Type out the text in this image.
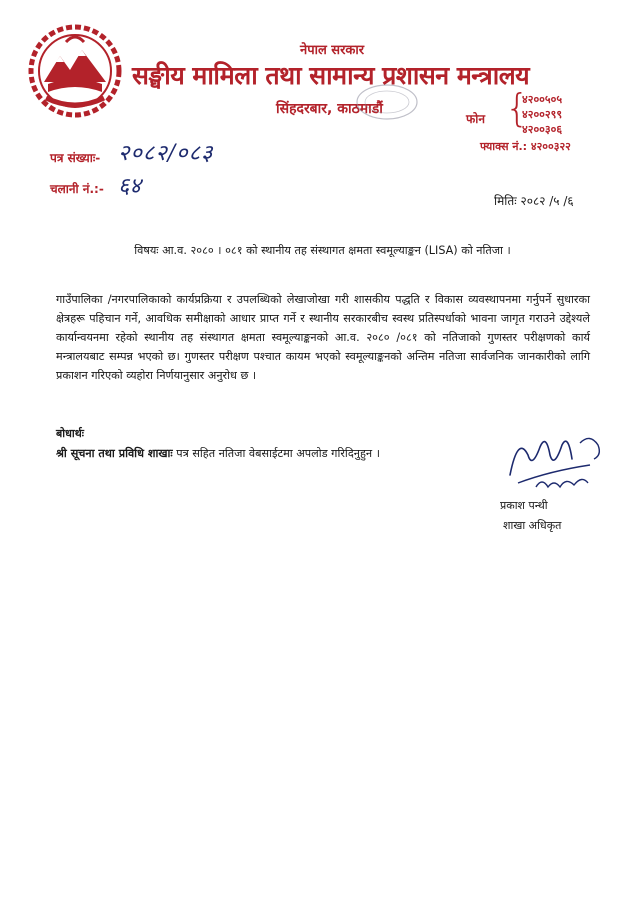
नेपाल सरकार
सङ्घीय मामिला तथा सामान्य प्रशासन मन्त्रालय
सिंहदरबार, काठमाडौं
फोन {
४२००५०५
४२००२९९
४२००३०६
फ्याक्स नं.: ४२००३२२
पत्र संख्याः- २०८२/०८३
चलानी नं.:- ६४
मितिः २०८२ /५ /६
विषयः आ.व. २०८० । ०८१ को स्थानीय तह संस्थागत क्षमता स्वमूल्याङ्कन (LISA) को नतिजा ।
गाउँपालिका /नगरपालिकाको कार्यप्रक्रिया र उपलब्धिको लेखाजोखा गरी शासकीय पद्धति र विकास व्यवस्थापनमा गर्नुपर्ने सुधारका क्षेत्रहरू पहिचान गर्ने, आवधिक समीक्षाको आधार प्राप्त गर्ने र स्थानीय सरकारबीच स्वस्थ प्रतिस्पर्धाको भावना जागृत गराउने उद्देश्यले कार्यान्वयनमा रहेको स्थानीय तह संस्थागत क्षमता स्वमूल्याङ्कनको आ.व. २०८० /०८१ को नतिजाको गुणस्तर परीक्षणको कार्य मन्त्रालयबाट सम्पन्न भएको छ। गुणस्तर परीक्षण पश्चात कायम भएको स्वमूल्याङ्कनको अन्तिम नतिजा सार्वजनिक जानकारीको लागि प्रकाशन गरिएको व्यहोरा निर्णयानुसार अनुरोध छ ।
बोधार्थः
श्री सूचना तथा प्रविधि शाखाः पत्र सहित नतिजा वेबसाईटमा अपलोड गरिदिनुहुन ।
प्रकाश पन्थी
शाखा अधिकृत
